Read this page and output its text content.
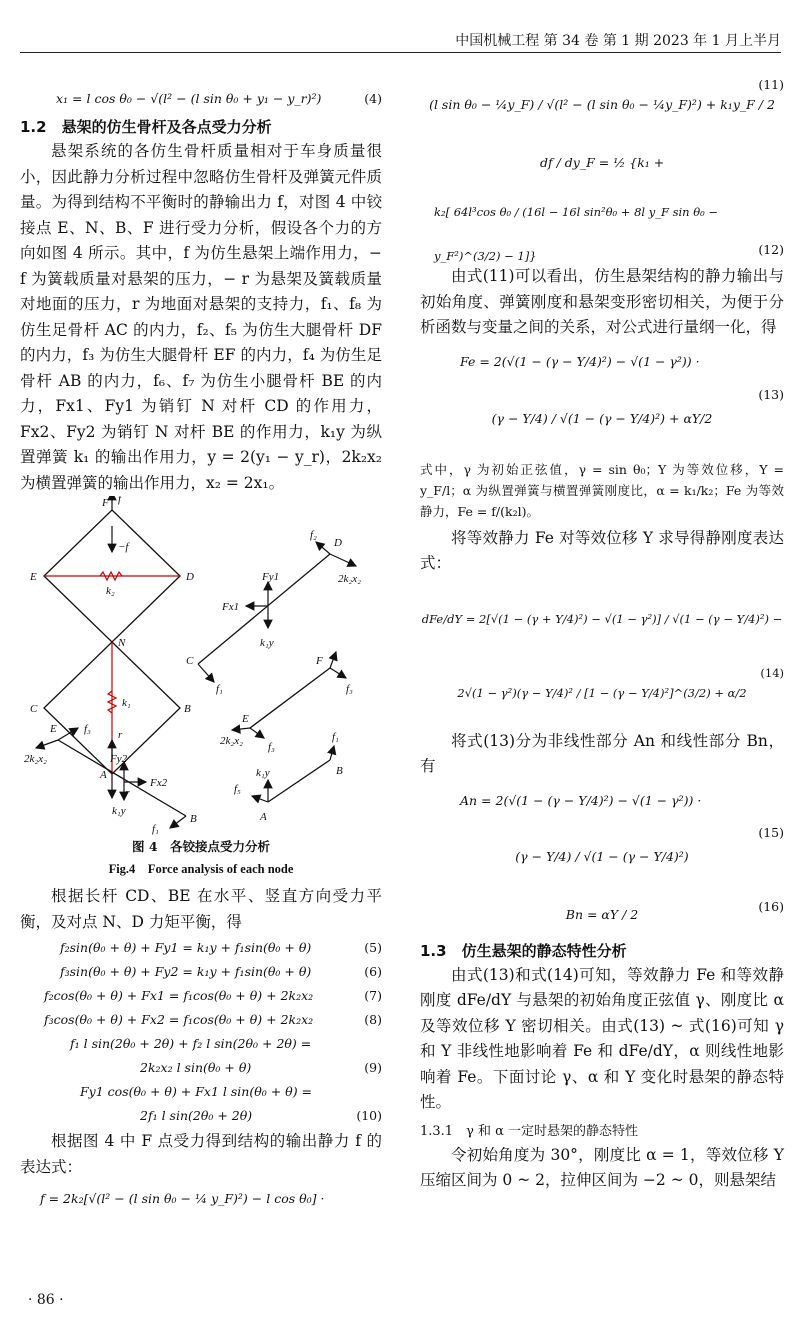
中国机械工程 第 34 卷 第 1 期 2023 年 1 月上半月
x₁ = l cos θ₀ − √(l² − (l sin θ₀ + y₁ − y_r)²)	(4)
1.2　悬架的仿生骨杆及各点受力分析

悬架系统的各仿生骨杆质量相对于车身质量很小，因此静力分析过程中忽略仿生骨杆及弹簧元件质量。为得到结构不平衡时的静输出力 f，对图 4 中铰接点 E、N、B、F 进行受力分析，假设各个力的方向如图 4 所示。其中，f 为仿生悬架上端作用力，− f 为簧载质量对悬架的压力，− r 为悬架及簧载质量对地面的压力，r 为地面对悬架的支持力，f₁、f₈ 为仿生足骨杆 AC 的内力，f₂、f₅ 为仿生大腿骨杆 DF 的内力，f₃ 为仿生大腿骨杆 EF 的内力，f₄ 为仿生足骨杆 AB 的内力，f₆、f₇ 为仿生小腿骨杆 BE 的内力，Fx1、Fy1 为销钉 N 对杆 CD 的作用力，Fx2、Fy2 为销钉 N 对杆 BE 的作用力，k₁y 为纵置弹簧 k₁ 的输出作用力，y = 2(y₁ − y_r)，2k₂x₂ 为横置弹簧的输出作用力，x₂ = 2x₁。

F f
−f
E	D
k₂
N
C	B
k₁
r
A
−r
f₂
D
2k₂x₂
Fy1
Fx1
k₁y
C
f₁
F
f₃
E
2k₂x₂ f₃
B
f₁
k₁y
f₅
A
E f₃
2k₂x₂	Fy2
Fx2
k₁y
f₁
B
图 4　各铰接点受力分析
Fig.4　Force analysis of each node

根据长杆 CD、BE 在水平、竖直方向受力平衡，及对点 N、D 力矩平衡，得

f₂sin(θ₀ + θ) + Fy1 = k₁y + f₁sin(θ₀ + θ)	(5)
f₃sin(θ₀ + θ) + Fy2 = k₁y + f₁sin(θ₀ + θ)	(6)
f₂cos(θ₀ + θ) + Fx1 = f₁cos(θ₀ + θ) + 2k₂x₂	(7)
f₃cos(θ₀ + θ) + Fx2 = f₁cos(θ₀ + θ) + 2k₂x₂	(8)
f₁ l sin(2θ₀ + 2θ) + f₂ l sin(2θ₀ + 2θ) =
2k₂x₂ l sin(θ₀ + θ)	(9)
Fy1 cos(θ₀ + θ) + Fx1 l sin(θ₀ + θ) =
2f₁ l sin(2θ₀ + 2θ)	(10)

根据图 4 中 F 点受力得到结构的输出静力 f 的表达式：

f = 2k₂[√(l² − (l sin θ₀ − ¼ y_F)²) − l cos θ₀] ·
(l sin θ₀ − ¼y_F) / √(l² − (l sin θ₀ − ¼y_F)²) + k₁y_F / 2
(11)
df / dy_F = ½ {k₁ +
k₂[ 64l³cos θ₀ / (16l − 16l sin²θ₀ + 8l y_F sin θ₀ − y_F²)^(3/2) − 1]}	(12)

由式(11)可以看出，仿生悬架结构的静力输出与初始角度、弹簧刚度和悬架变形密切相关，为便于分析函数与变量之间的关系，对公式进行量纲一化，得

Fe = 2(√(1 − (γ − Y/4)²) − √(1 − γ²)) ·
(γ − Y/4) / √(1 − (γ − Y/4)²) + αY/2
(13)
式中，γ 为初始正弦值，γ = sin θ₀；Y 为等效位移，Y = y_F/l；α 为纵置弹簧与横置弹簧刚度比，α = k₁/k₂；Fe 为等效静力，Fe = f/(k₂l)。

将等效静力 Fe 对等效位移 Y 求导得静刚度表达式：

dFe/dY = 2[√(1 − (γ + Y/4)²) − √(1 − γ²)] / √(1 − (γ − Y/4)²) −
2√(1 − γ²)(γ − Y/4)² / [1 − (γ − Y/4)²]^(3/2) + α/2
(14)

将式(13)分为非线性部分 An 和线性部分 Bn，有

An = 2(√(1 − (γ − Y/4)²) − √(1 − γ²)) ·
(γ − Y/4) / √(1 − (γ − Y/4)²)
(15)
Bn = αY / 2
(16)
1.3　仿生悬架的静态特性分析

由式(13)和式(14)可知，等效静力 Fe 和等效静刚度 dFe/dY 与悬架的初始角度正弦值 γ、刚度比 α 及等效位移 Y 密切相关。由式(13) ~ 式(16)可知 γ 和 Y 非线性地影响着 Fe 和 dFe/dY，α 则线性地影响着 Fe。下面讨论 γ、α 和 Y 变化时悬架的静态特性。

1.3.1　γ 和 α 一定时悬架的静态特性

令初始角度为 30°，刚度比 α = 1，等效位移 Y 压缩区间为 0 ~ 2，拉伸区间为 −2 ~ 0，则悬架结

· 86 ·
